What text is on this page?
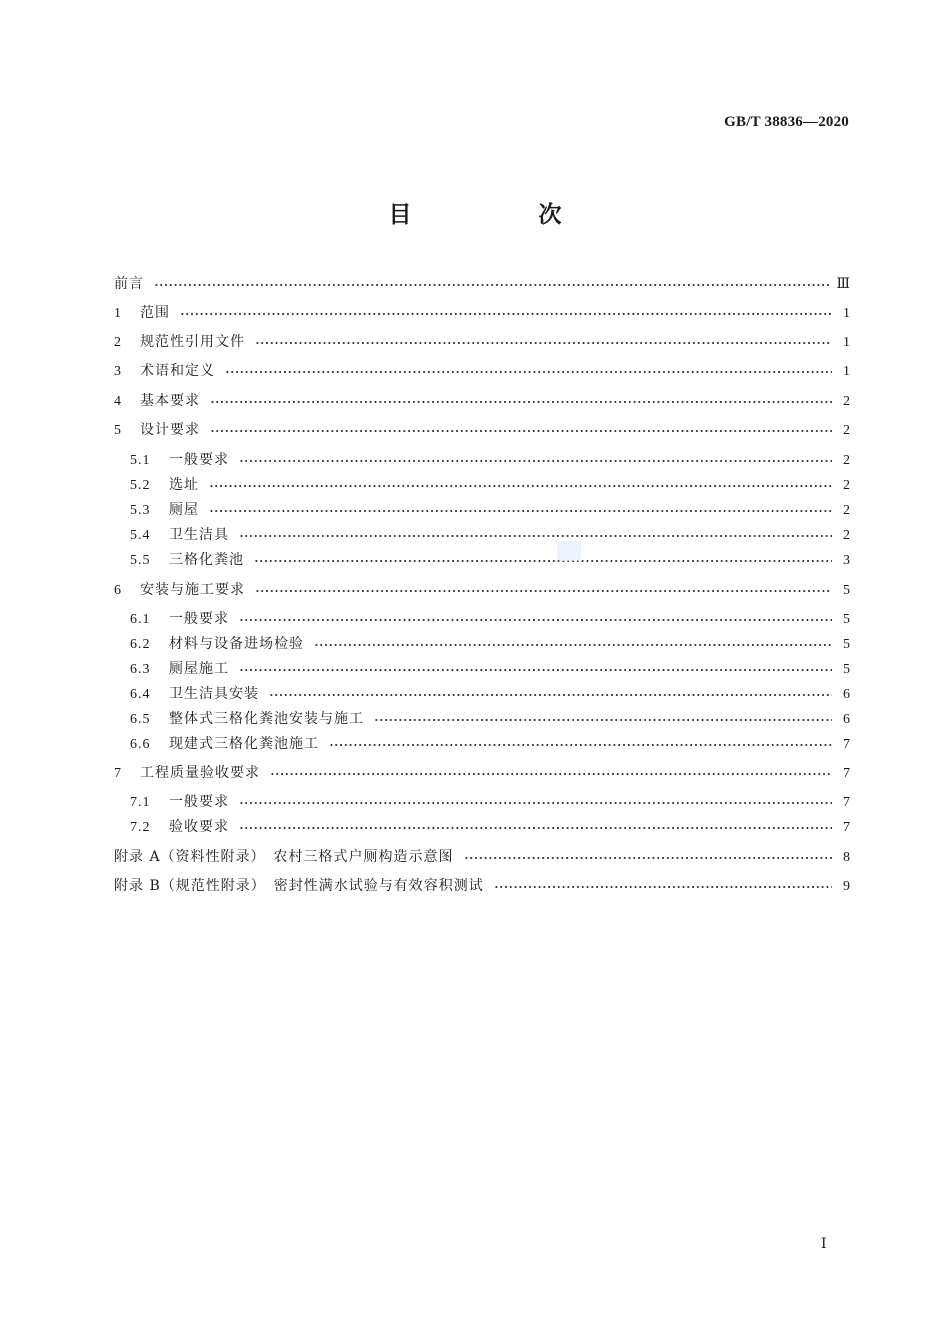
GB/T 38836—2020
目　次
前言	Ⅲ
1	范围	1
2	规范性引用文件	1
3	术语和定义	1
4	基本要求	2
5	设计要求	2
5.1	一般要求	2
5.2	选址	2
5.3	厕屋	2
5.4	卫生洁具	2
5.5	三格化粪池	3
6	安装与施工要求	5
6.1	一般要求	5
6.2	材料与设备进场检验	5
6.3	厕屋施工	5
6.4	卫生洁具安装	6
6.5	整体式三格化粪池安装与施工	6
6.6	现建式三格化粪池施工	7
7	工程质量验收要求	7
7.1	一般要求	7
7.2	验收要求	7
附录 A（资料性附录）　农村三格式户厕构造示意图	8
附录 B（规范性附录）　密封性满水试验与有效容积测试	9
Ⅰ
